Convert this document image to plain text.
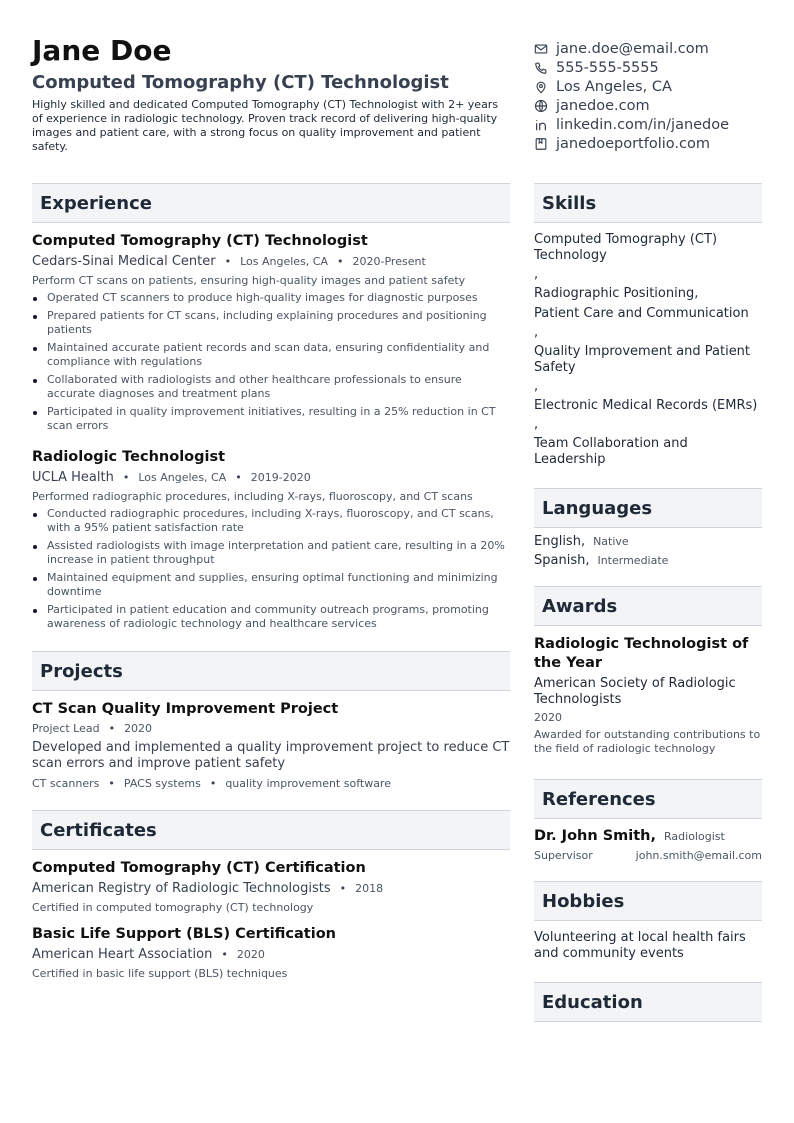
Jane Doe
Computed Tomography (CT) Technologist

Highly skilled and dedicated Computed Tomography (CT) Technologist with 2+ years of experience in radiologic technology. Proven track record of delivering high-quality images and patient care, with a strong focus on quality improvement and patient safety.

jane.doe@email.com
555-555-5555
Los Angeles, CA
janedoe.com
linkedin.com/in/janedoe
janedoeportfolio.com
Experience
Computed Tomography (CT) Technologist
Cedars-Sinai Medical Center • Los Angeles, CA • 2020-Present
Perform CT scans on patients, ensuring high-quality images and patient safety
Operated CT scanners to produce high-quality images for diagnostic purposes
Prepared patients for CT scans, including explaining procedures and positioning patients
Maintained accurate patient records and scan data, ensuring confidentiality and compliance with regulations
Collaborated with radiologists and other healthcare professionals to ensure accurate diagnoses and treatment plans
Participated in quality improvement initiatives, resulting in a 25% reduction in CT scan errors
Radiologic Technologist
UCLA Health • Los Angeles, CA • 2019-2020
Performed radiographic procedures, including X-rays, fluoroscopy, and CT scans
Conducted radiographic procedures, including X-rays, fluoroscopy, and CT scans, with a 95% patient satisfaction rate
Assisted radiologists with image interpretation and patient care, resulting in a 20% increase in patient throughput
Maintained equipment and supplies, ensuring optimal functioning and minimizing downtime
Participated in patient education and community outreach programs, promoting awareness of radiologic technology and healthcare services
Projects
CT Scan Quality Improvement Project
Project Lead • 2020
Developed and implemented a quality improvement project to reduce CT scan errors and improve patient safety
CT scanners • PACS systems • quality improvement software
Certificates
Computed Tomography (CT) Certification
American Registry of Radiologic Technologists • 2018
Certified in computed tomography (CT) technology
Basic Life Support (BLS) Certification
American Heart Association • 2020
Certified in basic life support (BLS) techniques
Skills
Computed Tomography (CT) Technology
,
Radiographic Positioning,
Patient Care and Communication
,
Quality Improvement and Patient Safety
,
Electronic Medical Records (EMRs)
,
Team Collaboration and Leadership
Languages
English, Native
Spanish, Intermediate
Awards
Radiologic Technologist of the Year
American Society of Radiologic Technologists
2020
Awarded for outstanding contributions to the field of radiologic technology
References
Dr. John Smith, Radiologist
Supervisor	john.smith@email.com
Hobbies
Volunteering at local health fairs and community events
Education
